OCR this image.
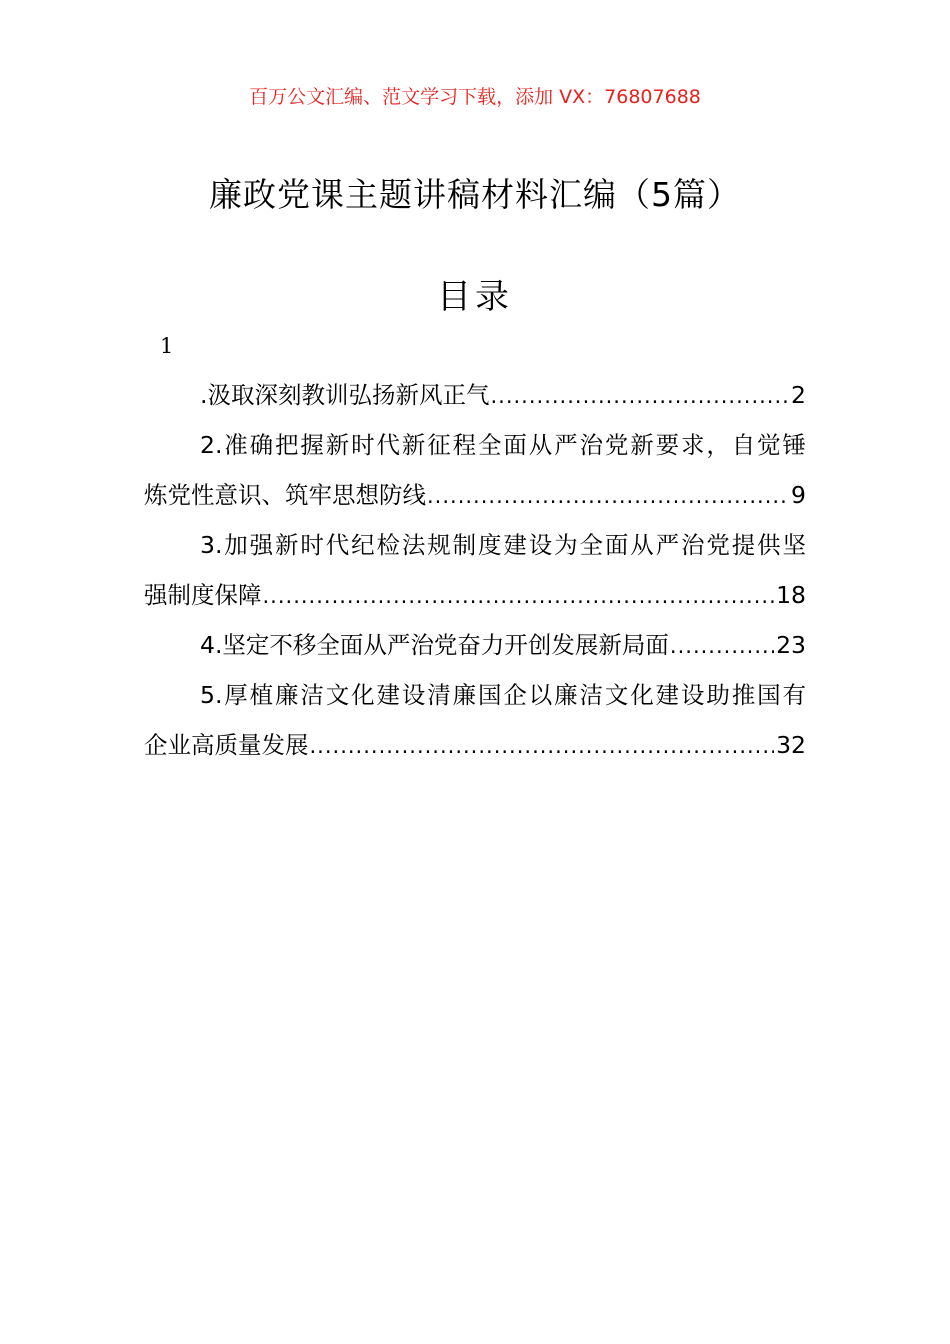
百万公文汇编、范文学习下载，添加 VX：76807688
廉政党课主题讲稿材料汇编（5篇）
目录
1
.汲取深刻教训弘扬新风正气 .....	2
2.准确把握新时代新征程全面从严治党新要求，自觉锤
炼党性意识、筑牢思想防线 .....	9
3.加强新时代纪检法规制度建设为全面从严治党提供坚
强制度保障 .....	18
4.坚定不移全面从严治党奋力开创发展新局面 .....	23
5.厚植廉洁文化建设清廉国企以廉洁文化建设助推国有
企业高质量发展 .....	32
